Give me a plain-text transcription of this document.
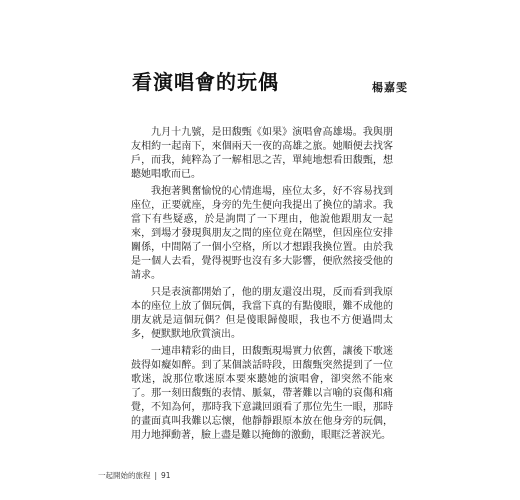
看演唱會的玩偶	楊嘉雯

九月十九號，是田馥甄《如果》演唱會高雄場。我與朋友相約一起南下，來個兩天一夜的高雄之旅。她順便去找客戶，而我，純粹為了一解相思之苦，單純地想看田馥甄，想聽她唱歌而已。

我抱著興奮愉悅的心情進場，座位太多，好不容易找到座位，正要就座，身旁的先生便向我提出了換位的請求。我當下有些疑惑，於是詢問了一下理由，他說他跟朋友一起來，到場才發現與朋友之間的座位竟在隔壁，但因座位安排關係，中間隔了一個小空格，所以才想跟我換位置。由於我是一個人去看，覺得視野也沒有多大影響，便欣然接受他的請求。

只是表演都開始了，他的朋友還沒出現，反而看到我原本的座位上放了個玩偶，我當下真的有點傻眼，難不成他的朋友就是這個玩偶？但是傻眼歸傻眼，我也不方便過問太多，便默默地欣賞演出。

一連串精彩的曲目，田馥甄現場實力依舊，讓後下歌迷鼓得如癡如醉。到了某個談話時段，田馥甄突然提到了一位歌迷，說那位歌迷原本要來聽她的演唱會，卻突然不能來了。那一刻田馥甄的表情、脈氣，帶著難以言喻的哀傷和痛覺，不知為何，那時我下意識回頭看了那位先生一眼，那時的畫面真叫我難以忘懷，他靜靜跟原本放在他身旁的玩偶，用力地揮動著，臉上盡是難以掩飾的激動，眼眶泛著淚光。

一起開始的旅程 | 91
